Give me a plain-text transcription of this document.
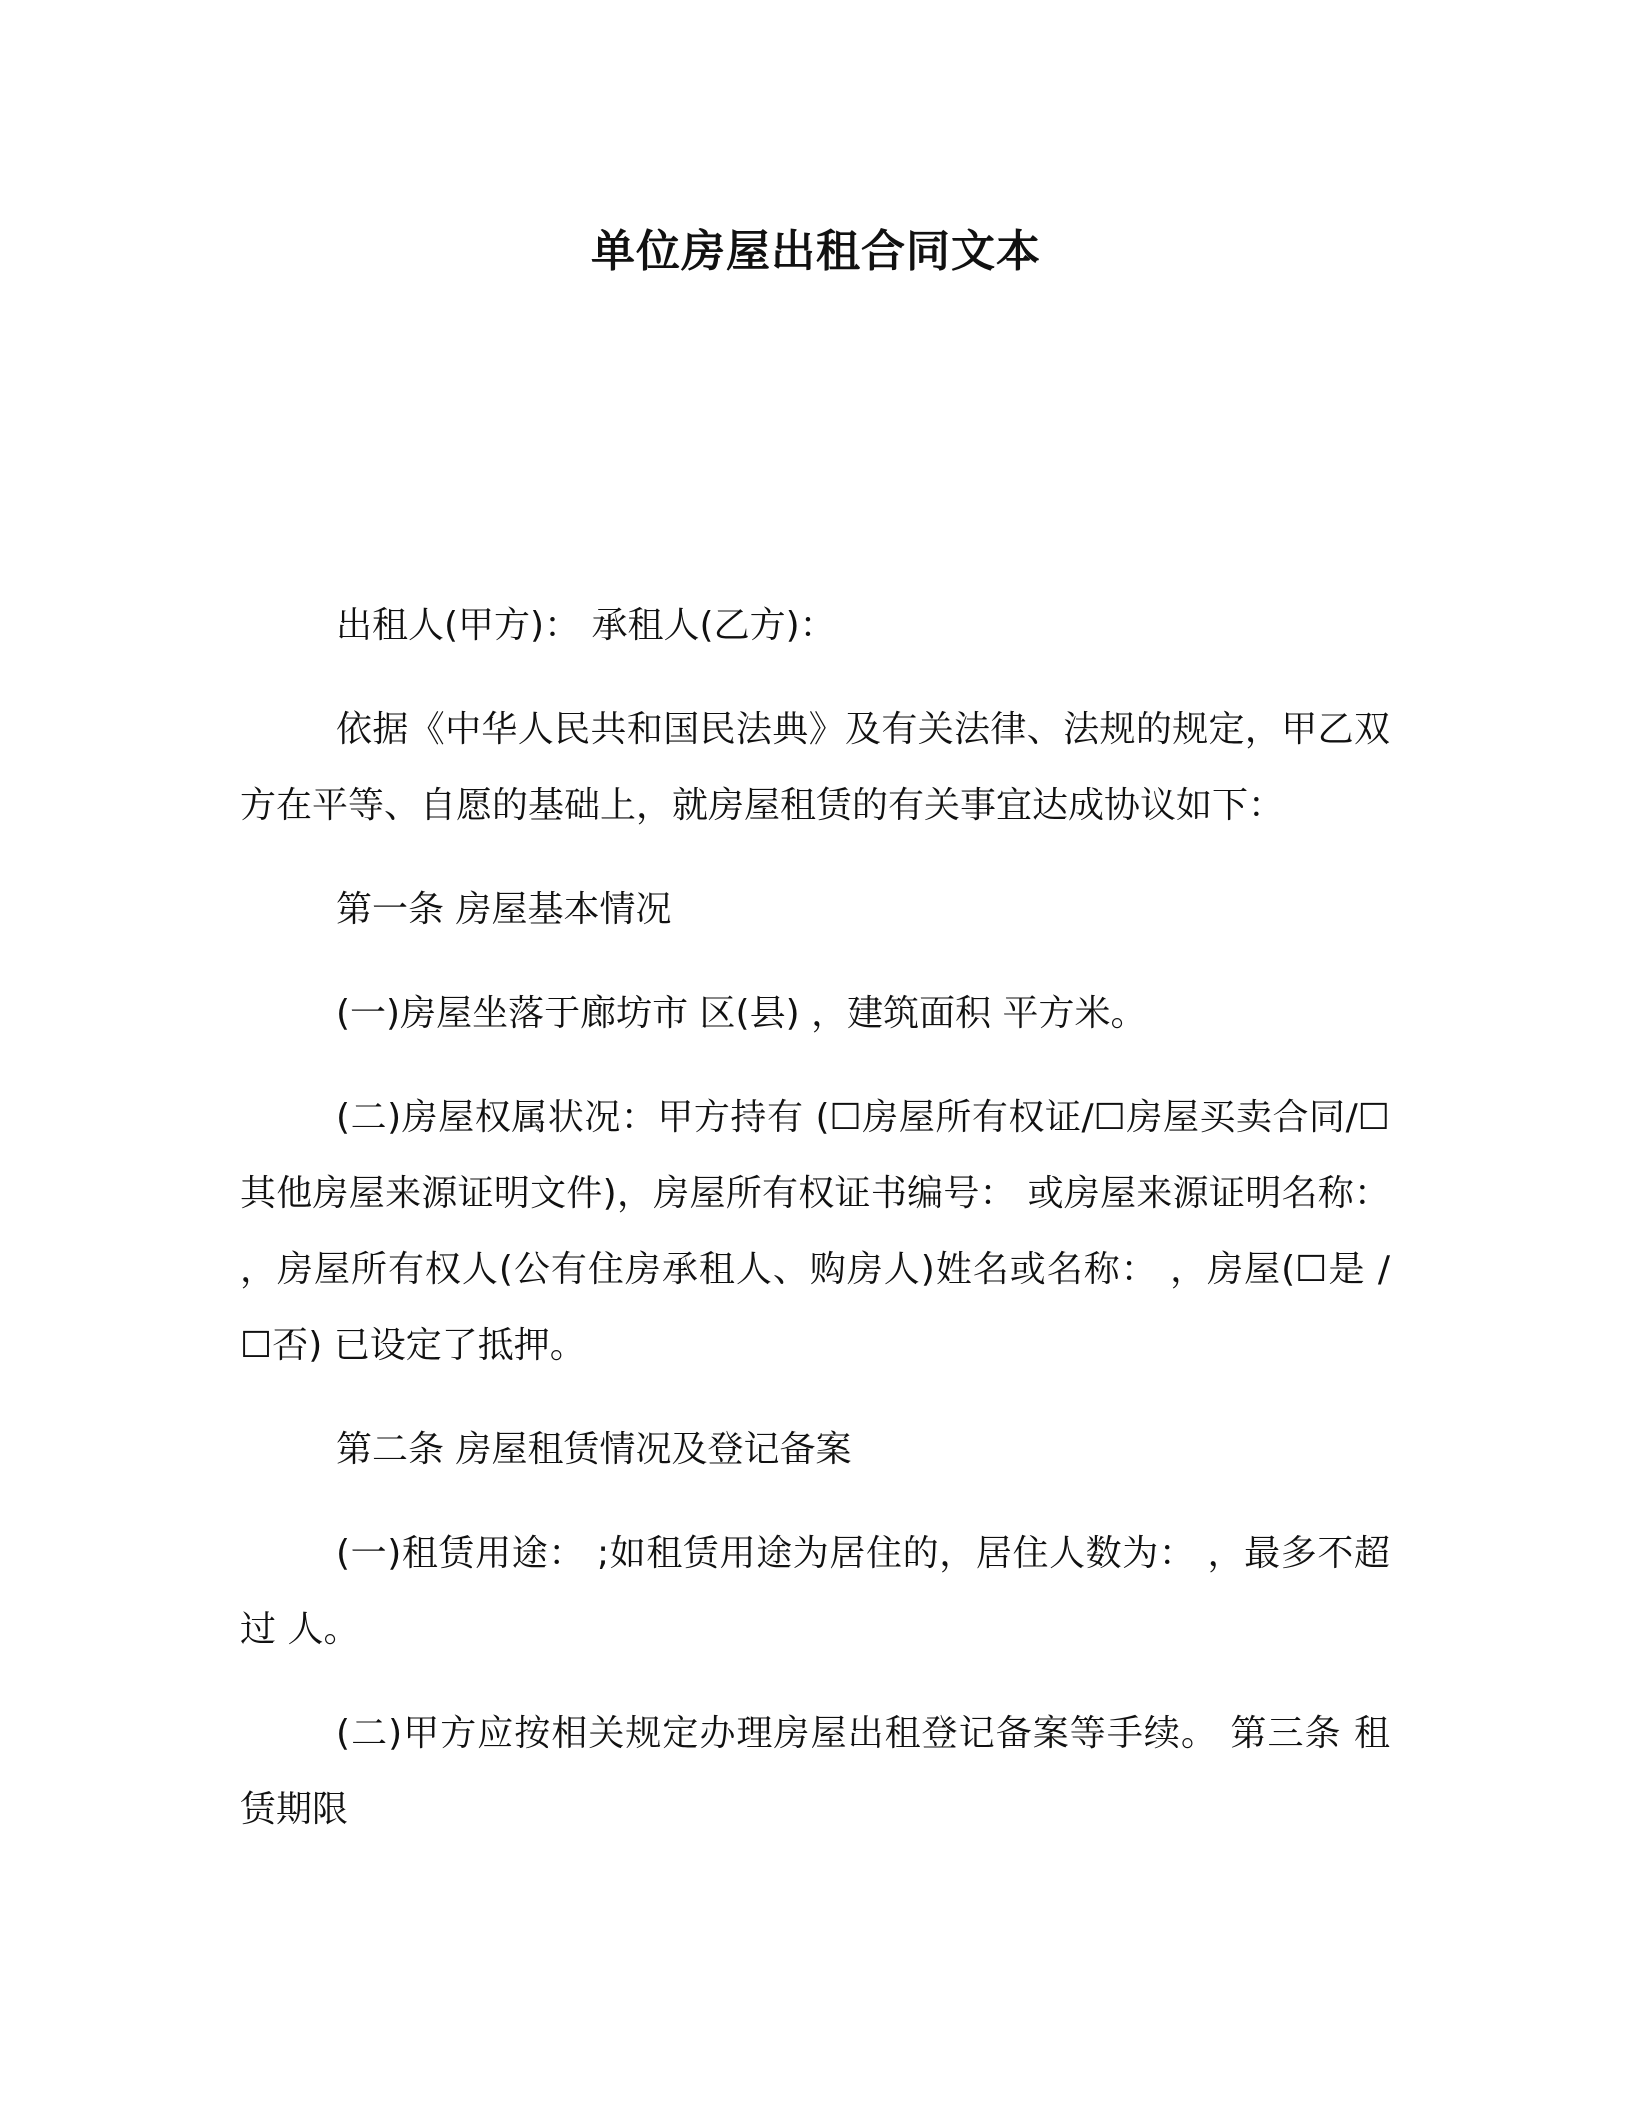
单位房屋出租合同文本

出租人(甲方)： 承租人(乙方)：

依据《中华人民共和国民法典》及有关法律、法规的规定，甲乙双方在平等、自愿的基础上，就房屋租赁的有关事宜达成协议如下：

第一条 房屋基本情况

(一)房屋坐落于廊坊市 区(县) ，建筑面积 平方米。

(二)房屋权属状况：甲方持有 (☐房屋所有权证/☐房屋买卖合同/☐其他房屋来源证明文件)，房屋所有权证书编号： 或房屋来源证明名称： ，房屋所有权人(公有住房承租人、购房人)姓名或名称： ，房屋(☐是 / ☐否) 已设定了抵押。

第二条 房屋租赁情况及登记备案

(一)租赁用途： ;如租赁用途为居住的，居住人数为： ，最多不超过 人。

(二)甲方应按相关规定办理房屋出租登记备案等手续。 第三条 租赁期限
